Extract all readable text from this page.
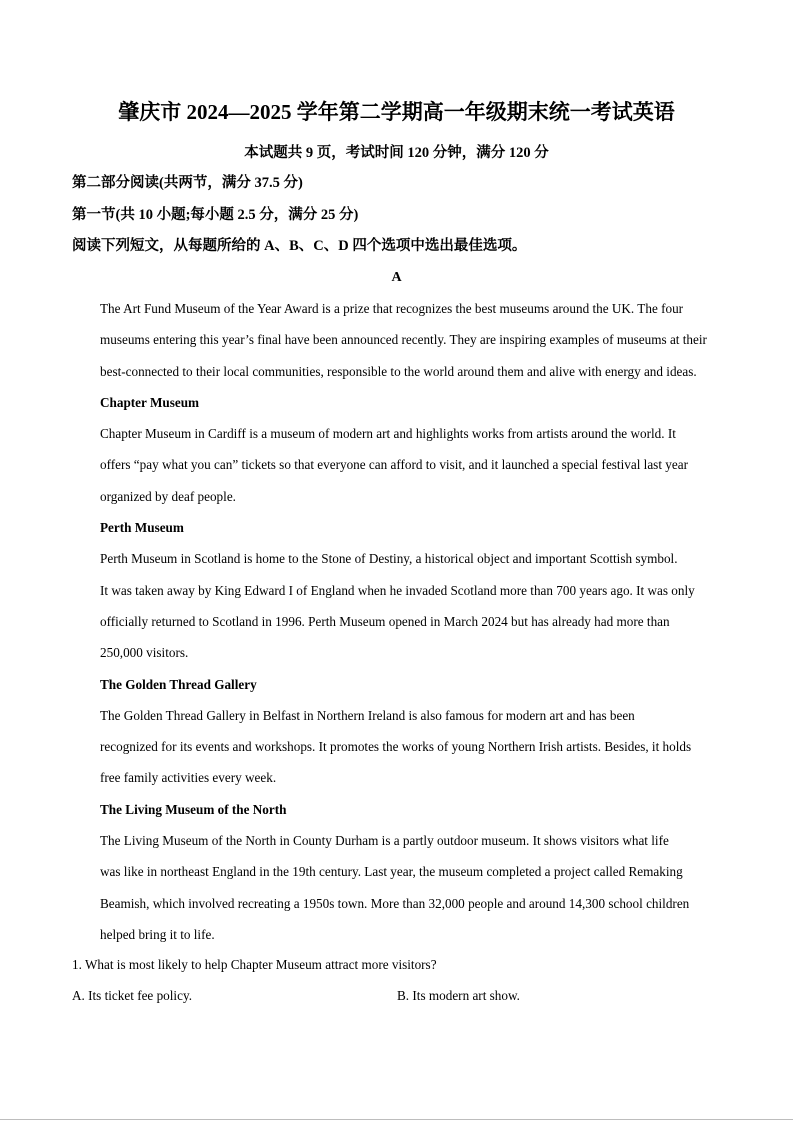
肇庆市 2024—2025 学年第二学期高一年级期末统一考试英语
本试题共 9 页，考试时间 120 分钟，满分 120 分
第二部分阅读(共两节，满分 37.5 分)
第一节(共 10 小题;每小题 2.5 分，满分 25 分)
阅读下列短文，从每题所给的 A、B、C、D 四个选项中选出最佳选项。
A

The Art Fund Museum of the Year Award is a prize that recognizes the best museums around the UK. The four
museums entering this year’s final have been announced recently. They are inspiring examples of museums at their
best-connected to their local communities, responsible to the world around them and alive with energy and ideas.

Chapter Museum

Chapter Museum in Cardiff is a museum of modern art and highlights works from artists around the world. It
offers “pay what you can” tickets so that everyone can afford to visit, and it launched a special festival last year
organized by deaf people.

Perth Museum

Perth Museum in Scotland is home to the Stone of Destiny, a historical object and important Scottish symbol.
It was taken away by King Edward I of England when he invaded Scotland more than 700 years ago. It was only
officially returned to Scotland in 1996. Perth Museum opened in March 2024 but has already had more than
250,000 visitors.

The Golden Thread Gallery

The Golden Thread Gallery in Belfast in Northern Ireland is also famous for modern art and has been
recognized for its events and workshops. It promotes the works of young Northern Irish artists. Besides, it holds
free family activities every week.

The Living Museum of the North

The Living Museum of the North in County Durham is a partly outdoor museum. It shows visitors what life
was like in northeast England in the 19th century. Last year, the museum completed a project called Remaking
Beamish, which involved recreating a 1950s town. More than 32,000 people and around 14,300 school children
helped bring it to life.

1. What is most likely to help Chapter Museum attract more visitors?
A. Its ticket fee policy.	B. Its modern art show.
